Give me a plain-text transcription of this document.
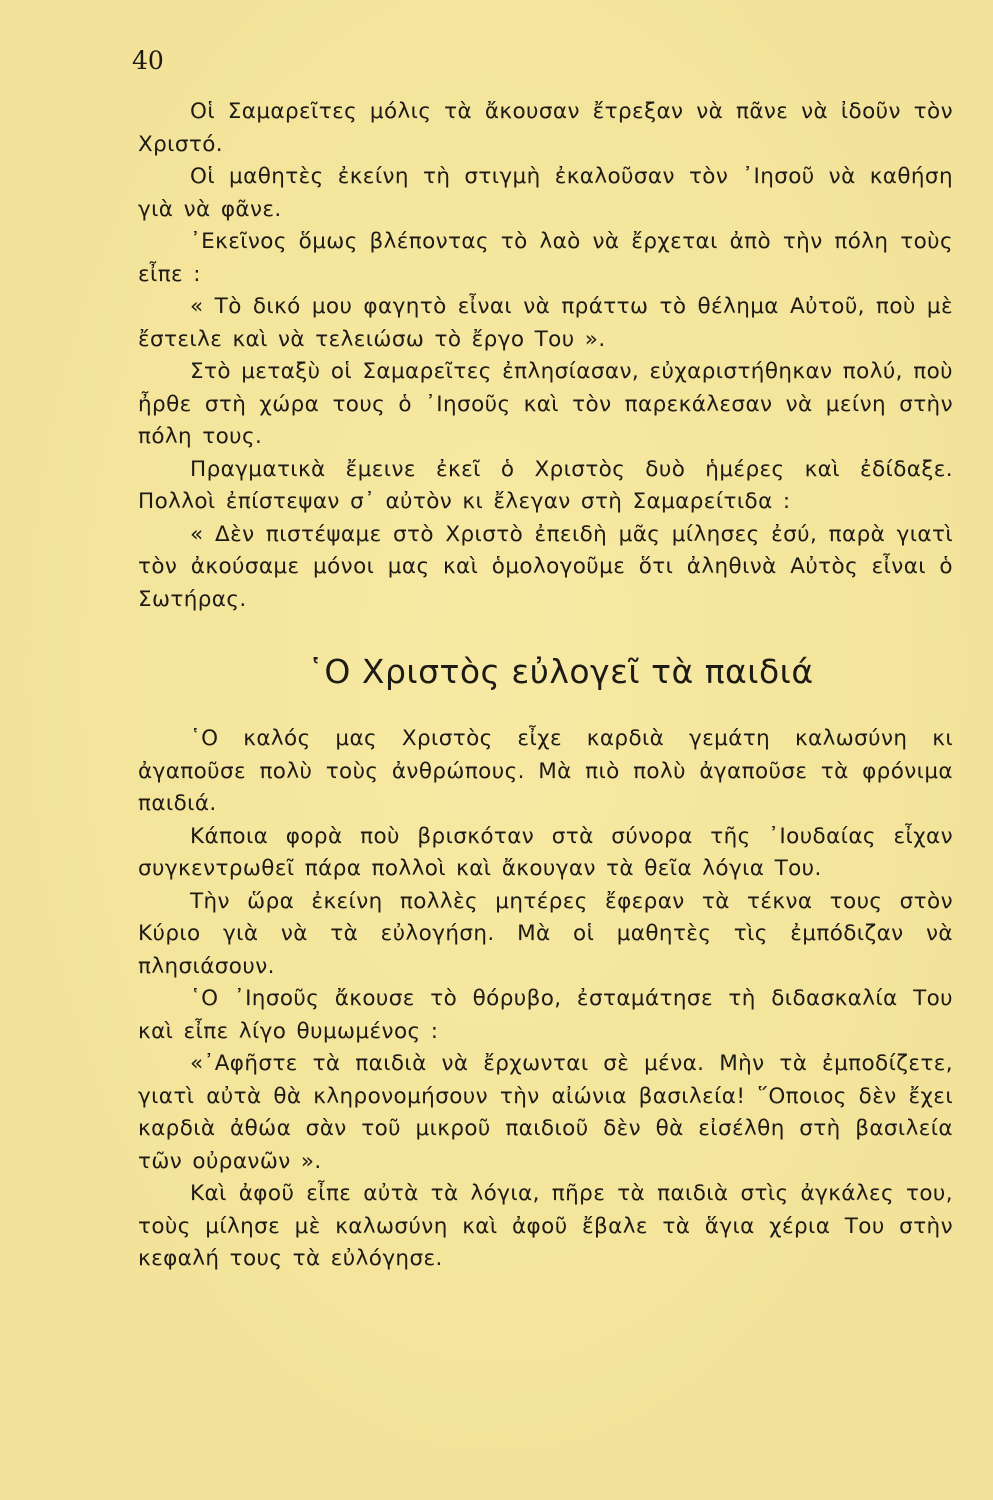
40

Οἱ Σαμαρεῖτες μόλις τὰ ἄκουσαν ἔτρεξαν νὰ πᾶνε νὰ ἰδοῦν τὸν Χριστό.

Οἱ μαθητὲς ἐκείνη τὴ στιγμὴ ἐκαλοῦσαν τὸν ᾿Ιησοῦ νὰ καθήση γιὰ νὰ φᾶνε.

᾿Εκεῖνος ὅμως βλέποντας τὸ λαὸ νὰ ἔρχεται ἀπὸ τὴν πόλη τοὺς εἶπε :

« Τὸ δικό μου φαγητὸ εἶναι νὰ πράττω τὸ θέλημα Αὐτοῦ, ποὺ μὲ ἔστειλε καὶ νὰ τελειώσω τὸ ἔργο Του ».

Στὸ μεταξὺ οἱ Σαμαρεῖτες ἐπλησίασαν, εὐχαριστήθηκαν πολύ, ποὺ ἦρθε στὴ χώρα τους ὁ ᾿Ιησοῦς καὶ τὸν παρεκάλεσαν νὰ μείνη στὴν πόλη τους.

Πραγματικὰ ἔμεινε ἐκεῖ ὁ Χριστὸς δυὸ ἡμέρες καὶ ἐδίδαξε. Πολλοὶ ἐπίστεψαν σ᾿ αὐτὸν κι ἔλεγαν στὴ Σαμαρείτιδα :

« Δὲν πιστέψαμε στὸ Χριστὸ ἐπειδὴ μᾶς μίλησες ἐσύ, παρὰ γιατὶ τὸν ἀκούσαμε μόνοι μας καὶ ὁμολογοῦμε ὅτι ἀληθινὰ Αὐτὸς εἶναι ὁ Σωτήρας.

῾Ο Χριστὸς εὐλογεῖ τὰ παιδιά

῾Ο καλός μας Χριστὸς εἶχε καρδιὰ γεμάτη καλωσύνη κι ἀγαποῦσε πολὺ τοὺς ἀνθρώπους. Μὰ πιὸ πολὺ ἀγαποῦσε τὰ φρόνιμα παιδιά.

Κάποια φορὰ ποὺ βρισκόταν στὰ σύνορα τῆς ᾿Ιουδαίας εἶχαν συγκεντρωθεῖ πάρα πολλοὶ καὶ ἄκουγαν τὰ θεῖα λόγια Του.

Τὴν ὥρα ἐκείνη πολλὲς μητέρες ἔφεραν τὰ τέκνα τους στὸν Κύριο γιὰ νὰ τὰ εὐλογήση. Μὰ οἱ μαθητὲς τὶς ἐμπόδιζαν νὰ πλησιάσουν.

῾Ο ᾿Ιησοῦς ἄκουσε τὸ θόρυβο, ἐσταμάτησε τὴ διδασκαλία Του καὶ εἶπε λίγο θυμωμένος :

«᾿Αφῆστε τὰ παιδιὰ νὰ ἔρχωνται σὲ μένα. Μὴν τὰ ἐμποδίζετε, γιατὶ αὐτὰ θὰ κληρονομήσουν τὴν αἰώνια βασιλεία! ῞Οποιος δὲν ἔχει καρδιὰ ἀθώα σὰν τοῦ μικροῦ παιδιοῦ δὲν θὰ εἰσέλθη στὴ βασιλεία τῶν οὐρανῶν ».

Καὶ ἀφοῦ εἶπε αὐτὰ τὰ λόγια, πῆρε τὰ παιδιὰ στὶς ἀγκάλες του, τοὺς μίλησε μὲ καλωσύνη καὶ ἀφοῦ ἔβαλε τὰ ἅγια χέρια Του στὴν κεφαλή τους τὰ εὐλόγησε.
